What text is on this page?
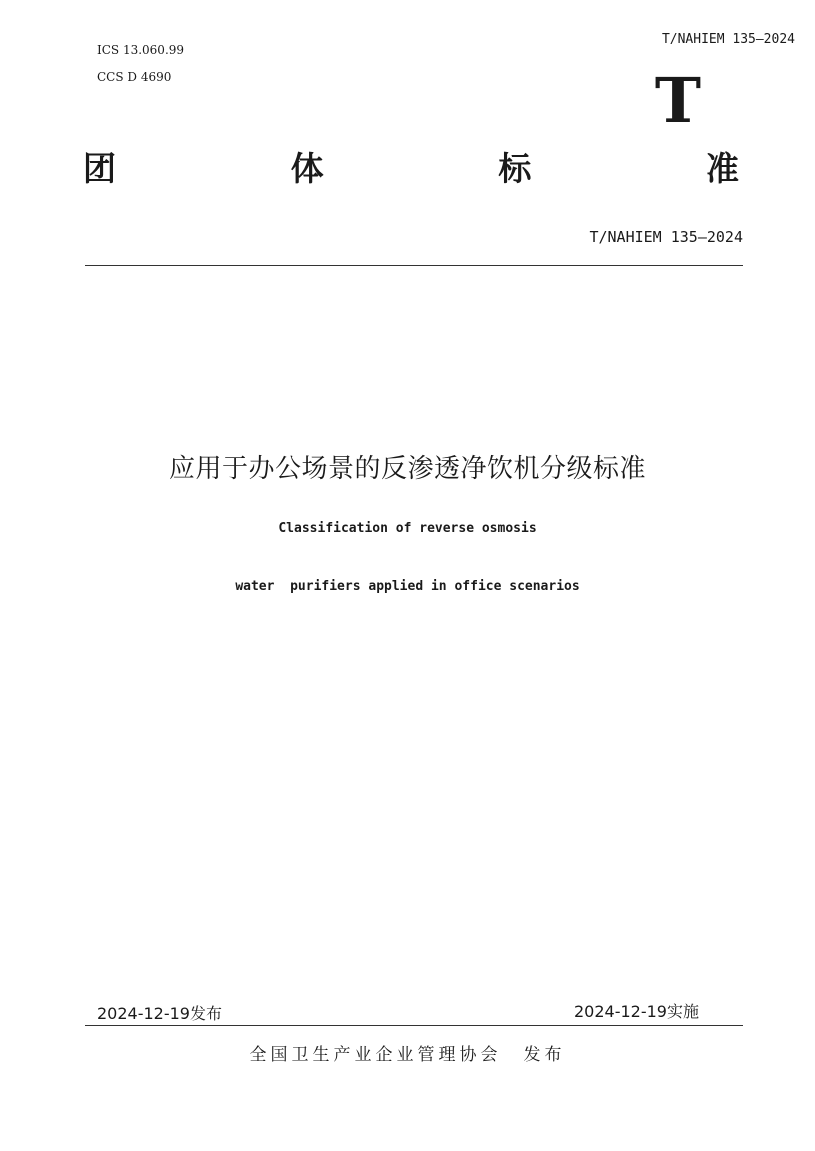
T/NAHIEM 135—2024
ICS 13.060.99
CCS D 4690	T
团	体	标	准
T/NAHIEM 135—2024
应用于办公场景的反渗透净饮机分级标准
Classification of reverse osmosis
water  purifiers applied in office scenarios
2024-12-19发布	2024-12-19实施
全国卫生产业企业管理协会 发布
